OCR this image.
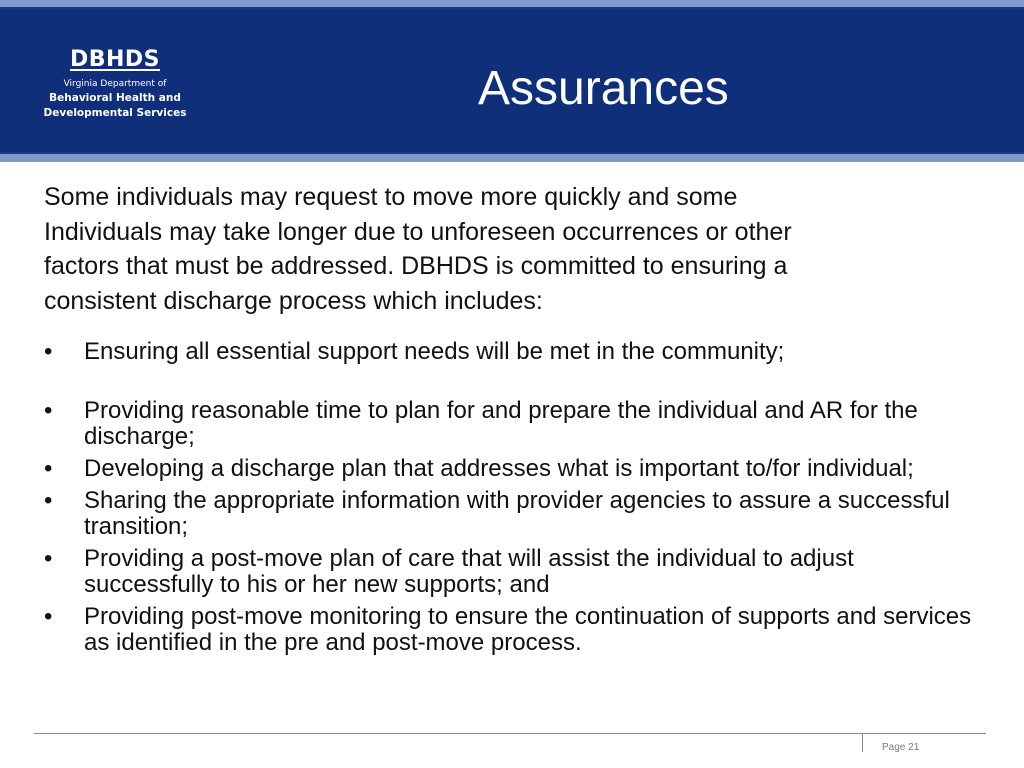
DBHDS
Virginia Department of
Behavioral Health and
Developmental Services	Assurances
Some individuals may request to move more quickly and some
Individuals may take longer due to unforeseen occurrences or other
factors that must be addressed. DBHDS is committed to ensuring a
consistent discharge process which includes:
• Ensuring all essential support needs will be met in the community;
• Providing reasonable time to plan for and prepare the individual and AR for the discharge;
• Developing a discharge plan that addresses what is important to/for individual;
• Sharing the appropriate information with provider agencies to assure a successful transition;
• Providing a post-move plan of care that will assist the individual to adjust successfully to his or her new supports; and
• Providing post-move monitoring to ensure the continuation of supports and services as identified in the pre and post-move process.
Page 21
